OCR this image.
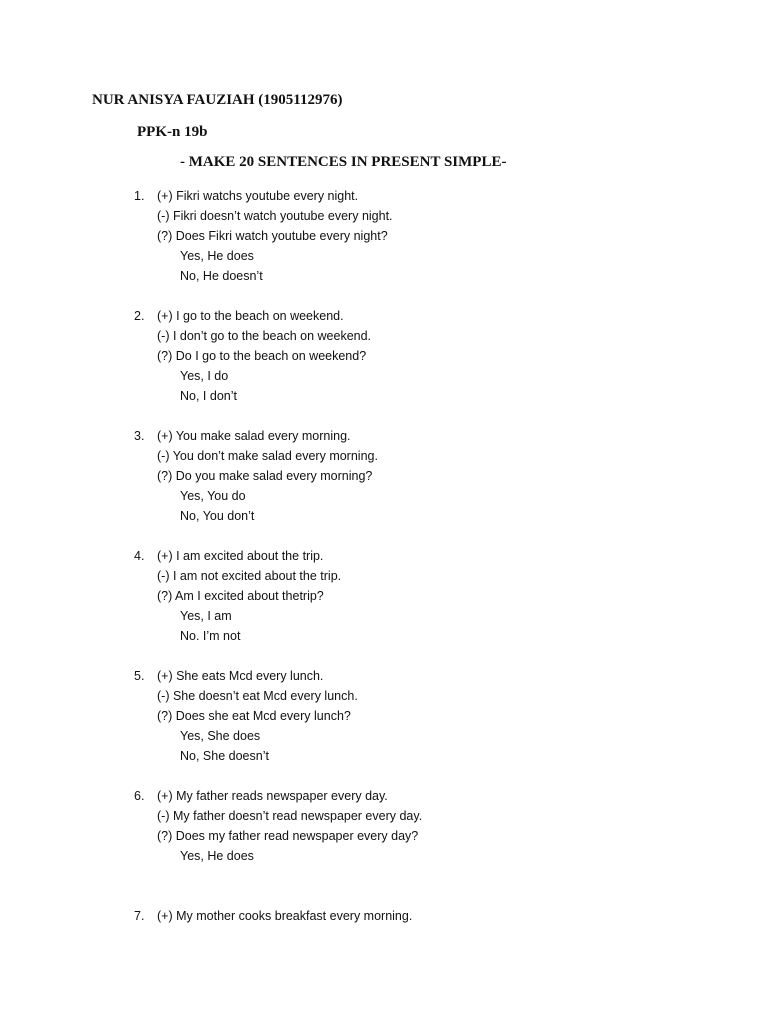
NUR ANISYA FAUZIAH (1905112976)
PPK-n 19b
- MAKE 20 SENTENCES IN PRESENT SIMPLE-
1. (+) Fikri watchs youtube every night.
(-) Fikri doesn’t watch youtube every night.
(?) Does Fikri watch youtube every night?
Yes, He does
No, He doesn’t
2. (+) I go to the beach on weekend.
(-) I don’t go to the beach on weekend.
(?) Do I go to the beach on weekend?
Yes, I do
No, I don’t
3. (+) You make salad every morning.
(-) You don’t make salad every morning.
(?) Do you make salad every morning?
Yes, You do
No, You don’t
4. (+) I am excited about the trip.
(-) I am not excited about the trip.
(?) Am I excited about thetrip?
Yes, I am
No. I’m not
5. (+) She eats Mcd every lunch.
(-) She doesn’t eat Mcd every lunch.
(?) Does she eat Mcd every lunch?
Yes, She does
No, She doesn’t
6. (+) My father reads newspaper every day.
(-) My father doesn’t read newspaper every day.
(?) Does my father read newspaper every day?
Yes, He does
7. (+) My mother cooks breakfast every morning.
